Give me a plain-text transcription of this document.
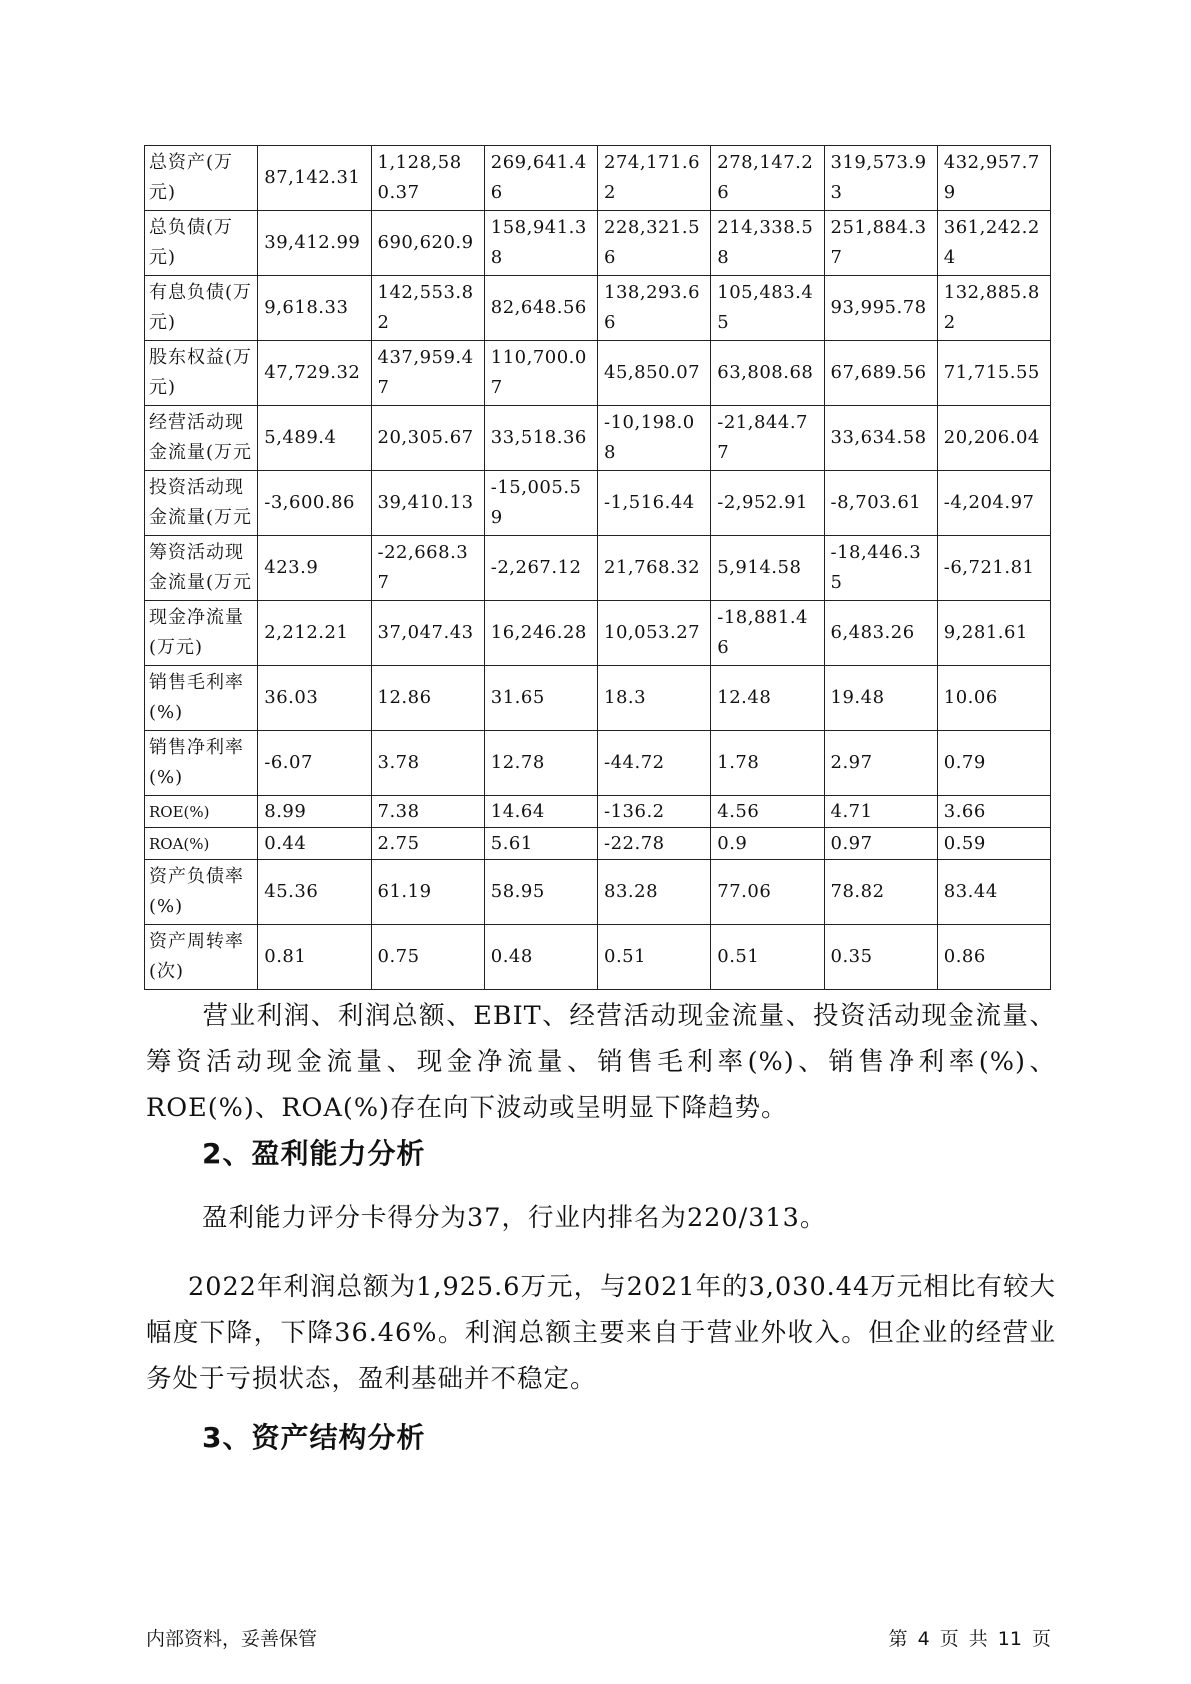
总资产(万元)	87,142.31	1,128,580.37	269,641.46	274,171.62	278,147.26	319,573.93	432,957.79
总负债(万元)	39,412.99	690,620.9	158,941.38	228,321.56	214,338.58	251,884.37	361,242.24
有息负债(万元)	9,618.33	142,553.82	82,648.56	138,293.66	105,483.45	93,995.78	132,885.82
股东权益(万元)	47,729.32	437,959.47	110,700.07	45,850.07	63,808.68	67,689.56	71,715.55
经营活动现金流量(万元	5,489.4	20,305.67	33,518.36	-10,198.08	-21,844.77	33,634.58	20,206.04
投资活动现金流量(万元	-3,600.86	39,410.13	-15,005.59	-1,516.44	-2,952.91	-8,703.61	-4,204.97
筹资活动现金流量(万元	423.9	-22,668.37	-2,267.12	21,768.32	5,914.58	-18,446.35	-6,721.81
现金净流量(万元)	2,212.21	37,047.43	16,246.28	10,053.27	-18,881.46	6,483.26	9,281.61
销售毛利率(%)	36.03	12.86	31.65	18.3	12.48	19.48	10.06
销售净利率(%)	-6.07	3.78	12.78	-44.72	1.78	2.97	0.79
ROE(%)	8.99	7.38	14.64	-136.2	4.56	4.71	3.66
ROA(%)	0.44	2.75	5.61	-22.78	0.9	0.97	0.59
资产负债率(%)	45.36	61.19	58.95	83.28	77.06	78.82	83.44
资产周转率(次)	0.81	0.75	0.48	0.51	0.51	0.35	0.86
营业利润、利润总额、EBIT、经营活动现金流量、投资活动现金流量、筹资活动现金流量、现金净流量、销售毛利率(%)、销售净利率(%)、ROE(%)、ROA(%)存在向下波动或呈明显下降趋势。
2、盈利能力分析
盈利能力评分卡得分为37，行业内排名为220/313。
2022年利润总额为1,925.6万元，与2021年的3,030.44万元相比有较大幅度下降，下降36.46%。利润总额主要来自于营业外收入。但企业的经营业务处于亏损状态，盈利基础并不稳定。
3、资产结构分析
内部资料，妥善保管	第 4 页 共 11 页
